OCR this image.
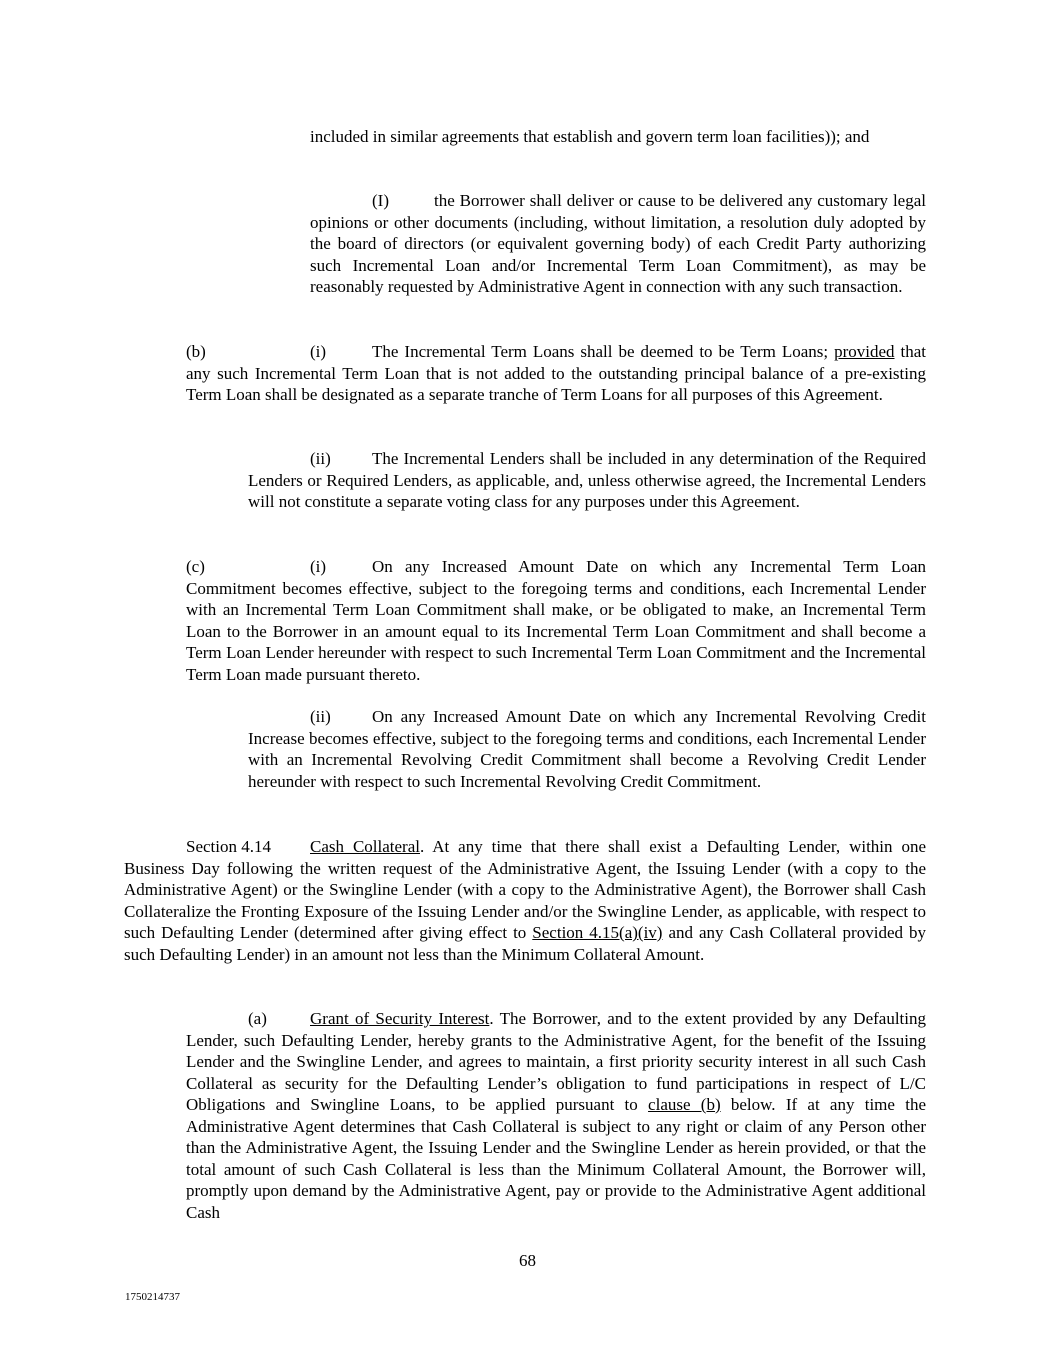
included in similar agreements that establish and govern term loan facilities)); and

(I)	the Borrower shall deliver or cause to be delivered any customary legal opinions or other documents (including, without limitation, a resolution duly adopted by the board of directors (or equivalent governing body) of each Credit Party authorizing such Incremental Loan and/or Incremental Term Loan Commitment), as may be reasonably requested by Administrative Agent in connection with any such transaction.

(b)	(i)	The Incremental Term Loans shall be deemed to be Term Loans; provided that any such Incremental Term Loan that is not added to the outstanding principal balance of a pre-existing Term Loan shall be designated as a separate tranche of Term Loans for all purposes of this Agreement.

(ii) The Incremental Lenders shall be included in any determination of the Required Lenders or Required Lenders, as applicable, and, unless otherwise agreed, the Incremental Lenders will not constitute a separate voting class for any purposes under this Agreement.

(c)	(i)	On any Increased Amount Date on which any Incremental Term Loan Commitment becomes effective, subject to the foregoing terms and conditions, each Incremental Lender with an Incremental Term Loan Commitment shall make, or be obligated to make, an Incremental Term Loan to the Borrower in an amount equal to its Incremental Term Loan Commitment and shall become a Term Loan Lender hereunder with respect to such Incremental Term Loan Commitment and the Incremental Term Loan made pursuant thereto.

(ii) On any Increased Amount Date on which any Incremental Revolving Credit Increase becomes effective, subject to the foregoing terms and conditions, each Incremental Lender with an Incremental Revolving Credit Commitment shall become a Revolving Credit Lender hereunder with respect to such Incremental Revolving Credit Commitment.

Section 4.14 Cash Collateral. At any time that there shall exist a Defaulting Lender, within one Business Day following the written request of the Administrative Agent, the Issuing Lender (with a copy to the Administrative Agent) or the Swingline Lender (with a copy to the Administrative Agent), the Borrower shall Cash Collateralize the Fronting Exposure of the Issuing Lender and/or the Swingline Lender, as applicable, with respect to such Defaulting Lender (determined after giving effect to Section 4.15(a)(iv) and any Cash Collateral provided by such Defaulting Lender) in an amount not less than the Minimum Collateral Amount.

(a)	Grant of Security Interest. The Borrower, and to the extent provided by any Defaulting Lender, such Defaulting Lender, hereby grants to the Administrative Agent, for the benefit of the Issuing Lender and the Swingline Lender, and agrees to maintain, a first priority security interest in all such Cash Collateral as security for the Defaulting Lender’s obligation to fund participations in respect of L/C Obligations and Swingline Loans, to be applied pursuant to clause (b) below. If at any time the Administrative Agent determines that Cash Collateral is subject to any right or claim of any Person other than the Administrative Agent, the Issuing Lender and the Swingline Lender as herein provided, or that the total amount of such Cash Collateral is less than the Minimum Collateral Amount, the Borrower will, promptly upon demand by the Administrative Agent, pay or provide to the Administrative Agent additional Cash

68
1750214737
